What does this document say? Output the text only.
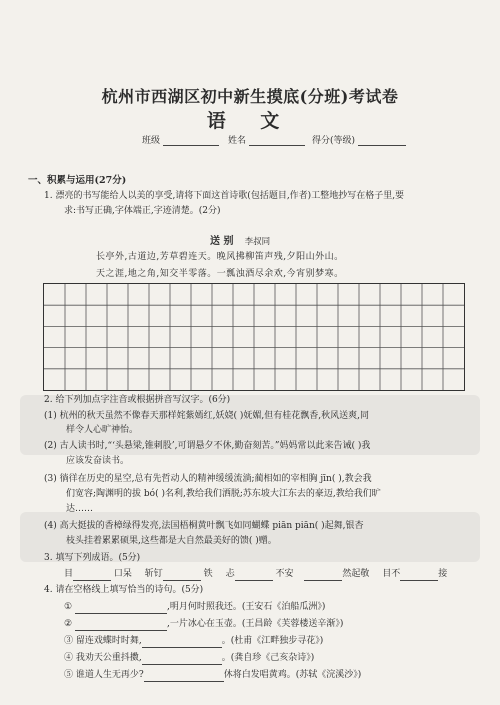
杭州市西湖区初中新生摸底(分班)考试卷
语 文
班级	姓名	得分(等级)
一、积累与运用(27分)
1. 漂亮的书写能给人以美的享受,请将下面这首诗歌(包括题目,作者)工整地抄写在格子里,要
求:书写正确,字体端正,字迹清楚。(2分)
送 别 李叔同
长亭外,古道边,芳草碧连天。晚风拂柳笛声残,夕阳山外山。
天之涯,地之角,知交半零落。一瓢浊酒尽余欢,今宵别梦寒。
2. 给下列加点字注音或根据拼音写汉字。(6分)
(1) 杭州的秋天虽然不像春天那样姹紫嫣红,妖娆( )妩媚,但有桂花飘香,秋风送爽,同
样令人心旷神怡。
(2) 古人读书时,“‘头悬梁,锥刺股’,可谓悬夕不休,勤奋刻苦。”妈妈常以此来告诫( )我
应该发奋读书。
(3) 徜徉在历史的星空,总有先哲动人的精神缓缓流淌;蔺相如的宰相胸 jīn( ),教会我
们宽容;陶渊明的拔 bó( )名利,教给我们洒脱;苏东坡大江东去的豪迈,教给我们旷
达……
(4) 高大挺拔的香樟绿得发亮,法国梧桐黄叶飘飞如同蝴蝶 piān piān( )起舞,银杏
枝头挂着累累硕果,这些都是大自然最美好的馈( )赠。
3. 填写下列成语。(5分)
目	口呆 斩钉	铁 忐	不安	然起敬 目不	接
4. 请在空格线上填写恰当的诗句。(5分)
①	,明月何时照我还。(王安石《泊船瓜洲》)
②	,一片冰心在玉壶。(王昌龄《芙蓉楼送辛渐》)
③ 留连戏蝶时时舞,	。(杜甫《江畔独步寻花》)
④ 我劝天公重抖擞,	。(龚自珍《己亥杂诗》)
⑤ 谁道人生无再少?	休将白发唱黄鸡。(苏轼《浣溪沙》)
